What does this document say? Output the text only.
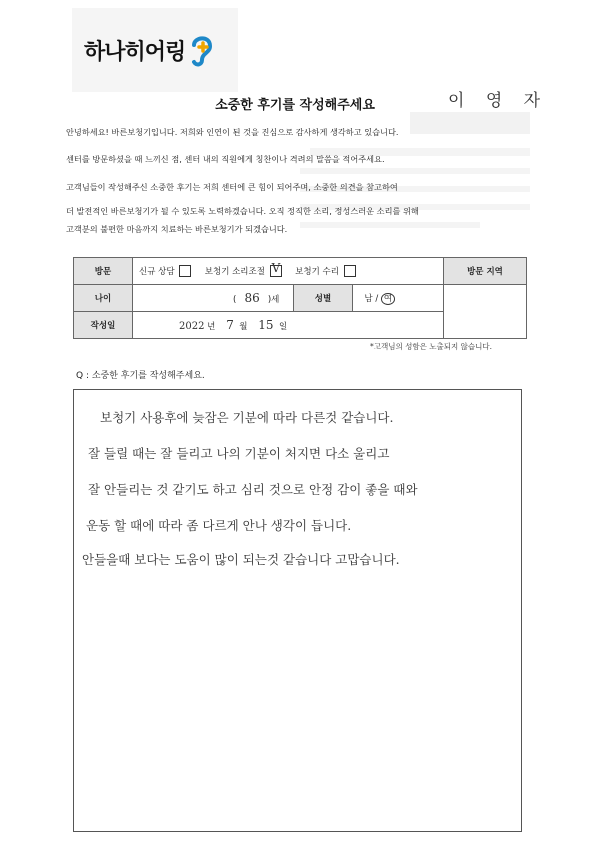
하나히어링
소중한 후기를 작성해주세요	이 영 자
안녕하세요! 바른보청기입니다. 저희와 인연이 된 것을 진심으로 감사하게 생각하고 있습니다.
센터를 방문하셨을 때 느끼신 점, 센터 내의 직원에게 칭찬이나 격려의 말씀을 적어주세요.
고객님들이 작성해주신 소중한 후기는 저희 센터에 큰 힘이 되어주며, 소중한 의견을 참고하여
더 발전적인 바른보청기가 될 수 있도록 노력하겠습니다. 오직 정직한 소리, 정성스러운 소리를 위해
고객분의 불편한 마음까지 치료하는 바른보청기가 되겠습니다.
방문	신규 상담 보청기 소리조절 V 보청기 수리			방문 지역
나이	( 86 )세	성별	남 / 여	
작성일	2022 년 7 월 15 일			
*고객님의 성함은 노출되지 않습니다.
Q : 소중한 후기를 작성해주세요.
보청기 사용후에 늦잠은 기분에 따라 다른것 같습니다.
잘 들릴 때는 잘 들리고 나의 기분이 처지면 다소 울리고
잘 안들리는 것 같기도 하고 심리 것으로 안정 감이 좋을 때와
운동 할 때에 따라 좀 다르게 안나 생각이 듭니다.
안들을때 보다는 도움이 많이 되는것 같습니다 고맙습니다.
